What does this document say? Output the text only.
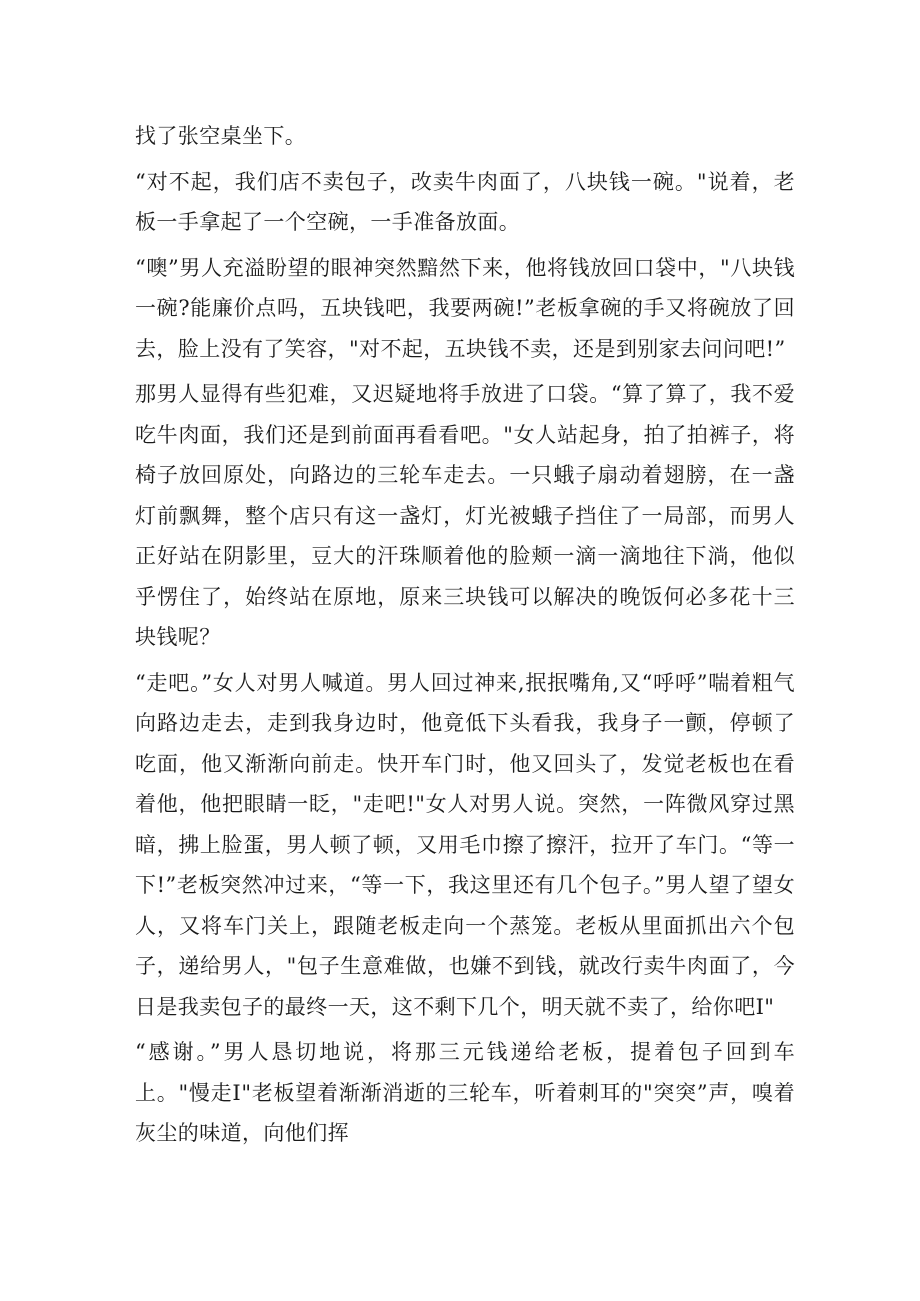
找了张空桌坐下。

“对不起，我们店不卖包子，改卖牛肉面了，八块钱一碗。"说着，老板一手拿起了一个空碗，一手准备放面。

“噢”男人充溢盼望的眼神突然黯然下来，他将钱放回口袋中，"八块钱一碗?能廉价点吗，五块钱吧，我要两碗!”老板拿碗的手又将碗放了回去，脸上没有了笑容，"对不起，五块钱不卖，还是到别家去问问吧!”

那男人显得有些犯难，又迟疑地将手放进了口袋。“算了算了，我不爱吃牛肉面，我们还是到前面再看看吧。"女人站起身，拍了拍裤子，将椅子放回原处，向路边的三轮车走去。一只蛾子扇动着翅膀，在一盏灯前飘舞，整个店只有这一盏灯，灯光被蛾子挡住了一局部，而男人正好站在阴影里，豆大的汗珠顺着他的脸颊一滴一滴地往下淌，他似乎愣住了，始终站在原地，原来三块钱可以解决的晚饭何必多花十三块钱呢？

“走吧。”女人对男人喊道。男人回过神来,抿抿嘴角,又“呼呼”喘着粗气向路边走去，走到我身边时，他竟低下头看我，我身子一颤，停顿了吃面，他又渐渐向前走。快开车门时，他又回头了，发觉老板也在看着他，他把眼睛一眨，"走吧!"女人对男人说。突然，一阵微风穿过黑暗，拂上脸蛋，男人顿了顿，又用毛巾擦了擦汗，拉开了车门。“等一下!”老板突然冲过来，“等一下，我这里还有几个包子。”男人望了望女人，又将车门关上，跟随老板走向一个蒸笼。老板从里面抓出六个包子，递给男人，"包子生意难做，也嫌不到钱，就改行卖牛肉面了，今日是我卖包子的最终一天，这不剩下几个，明天就不卖了，给你吧Ⅰ"

“感谢。”男人恳切地说，将那三元钱递给老板，提着包子回到车上。"慢走Ⅰ"老板望着渐渐消逝的三轮车，听着刺耳的"突突”声，嗅着灰尘的味道，向他们挥
